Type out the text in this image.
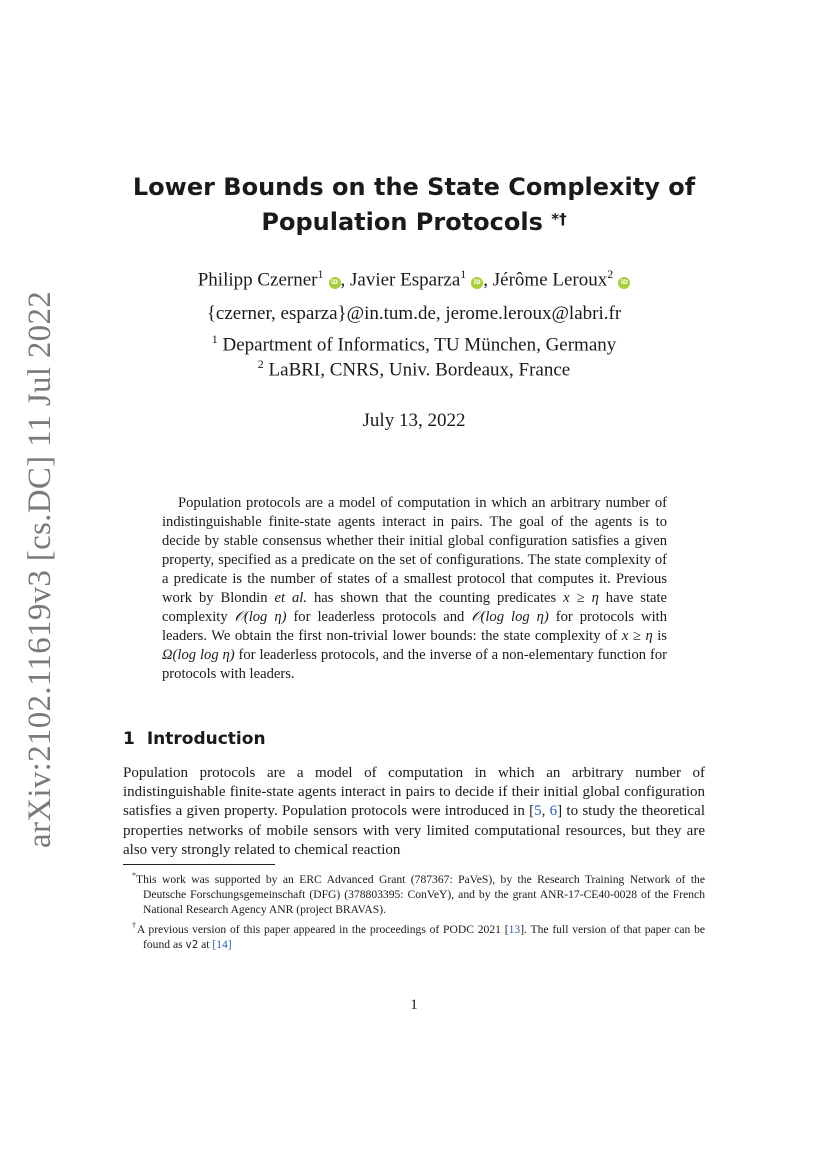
arXiv:2102.11619v3 [cs.DC] 11 Jul 2022
Lower Bounds on the State Complexity of
Population Protocols *†
Philipp Czerner$^1$iD , Javier Esparza$^1$iD , Jérôme Leroux$^2$iD
{czerner, esparza}@in.tum.de, jerome.leroux@labri.fr
$^1$ Department of Informatics, TU München, Germany
$^2$ LaBRI, CNRS, Univ. Bordeaux, France
July 13, 2022

Population protocols are a model of computation in which an arbitrary number of indistinguishable finite-state agents interact in pairs. The goal of the agents is to decide by stable consensus whether their initial global configuration satisfies a given property, specified as a predicate on the set of configurations. The state complexity of a predicate is the number of states of a smallest protocol that computes it. Previous work by Blondin et al. has shown that the counting predicates x ≥ η have state complexity 𝒪(log η) for leaderless protocols and 𝒪(log log η) for protocols with leaders. We obtain the first non-trivial lower bounds: the state complexity of x ≥ η is Ω(log log η) for leaderless protocols, and the inverse of a non-elementary function for protocols with leaders.

1 Introduction

Population protocols are a model of computation in which an arbitrary number of indistinguishable finite-state agents interact in pairs to decide if their initial global configuration satisfies a given property. Population protocols were introduced in [5, 6] to study the theoretical properties networks of mobile sensors with very limited computational resources, but they are also very strongly related to chemical reaction

*This work was supported by an ERC Advanced Grant (787367: PaVeS), by the Research Training Network of the Deutsche Forschungsgemeinschaft (DFG) (378803395: ConVeY), and by the grant ANR-17-CE40-0028 of the French National Research Agency ANR (project BRAVAS).

†A previous version of this paper appeared in the proceedings of PODC 2021 [13]. The full version of that paper can be found as v2 at [14]

1
